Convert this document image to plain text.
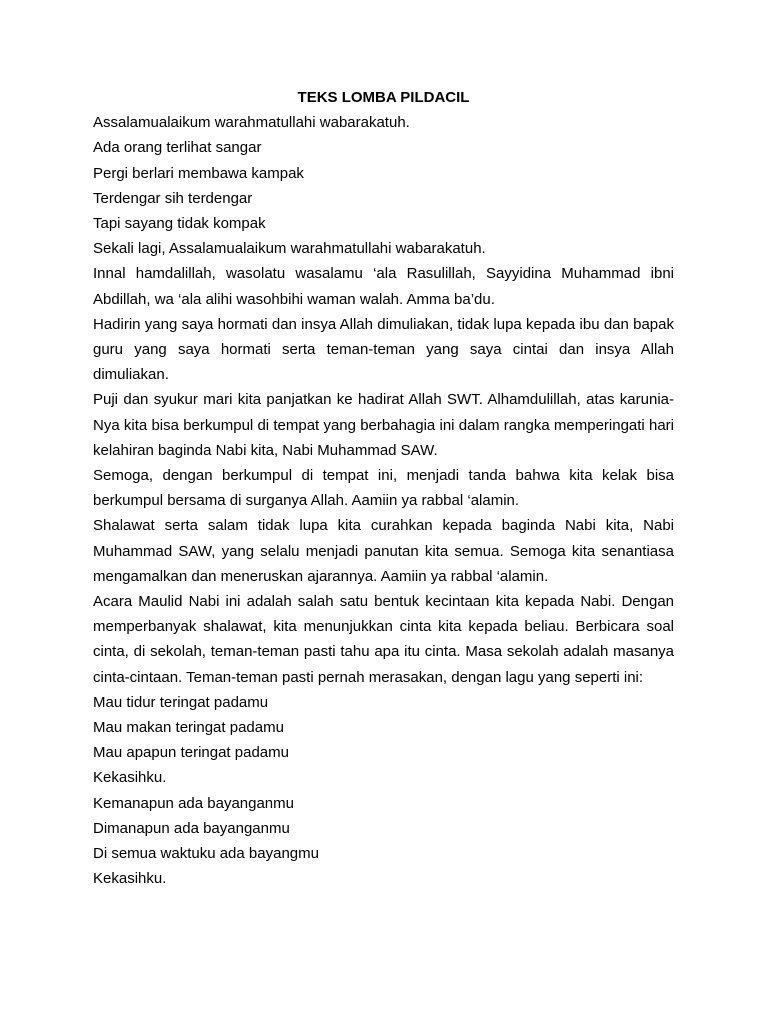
TEKS LOMBA PILDACIL

Assalamualaikum warahmatullahi wabarakatuh.

Ada orang terlihat sangar

Pergi berlari membawa kampak

Terdengar sih terdengar

Tapi sayang tidak kompak

Sekali lagi, Assalamualaikum warahmatullahi wabarakatuh.

Innal hamdalillah, wasolatu wasalamu ‘ala Rasulillah, Sayyidina Muhammad ibni Abdillah, wa ‘ala alihi wasohbihi waman walah. Amma ba’du.

Hadirin yang saya hormati dan insya Allah dimuliakan, tidak lupa kepada ibu dan bapak guru yang saya hormati serta teman-teman yang saya cintai dan insya Allah dimuliakan.

Puji dan syukur mari kita panjatkan ke hadirat Allah SWT. Alhamdulillah, atas karunia-Nya kita bisa berkumpul di tempat yang berbahagia ini dalam rangka memperingati hari kelahiran baginda Nabi kita, Nabi Muhammad SAW.

Semoga, dengan berkumpul di tempat ini, menjadi tanda bahwa kita kelak bisa berkumpul bersama di surganya Allah. Aamiin ya rabbal ‘alamin.

Shalawat serta salam tidak lupa kita curahkan kepada baginda Nabi kita, Nabi Muhammad SAW, yang selalu menjadi panutan kita semua. Semoga kita senantiasa mengamalkan dan meneruskan ajarannya. Aamiin ya rabbal ‘alamin.

Acara Maulid Nabi ini adalah salah satu bentuk kecintaan kita kepada Nabi. Dengan memperbanyak shalawat, kita menunjukkan cinta kita kepada beliau. Berbicara soal cinta, di sekolah, teman-teman pasti tahu apa itu cinta. Masa sekolah adalah masanya cinta-cintaan. Teman-teman pasti pernah merasakan, dengan lagu yang seperti ini:

Mau tidur teringat padamu

Mau makan teringat padamu

Mau apapun teringat padamu

Kekasihku.

Kemanapun ada bayanganmu

Dimanapun ada bayanganmu

Di semua waktuku ada bayangmu

Kekasihku.
